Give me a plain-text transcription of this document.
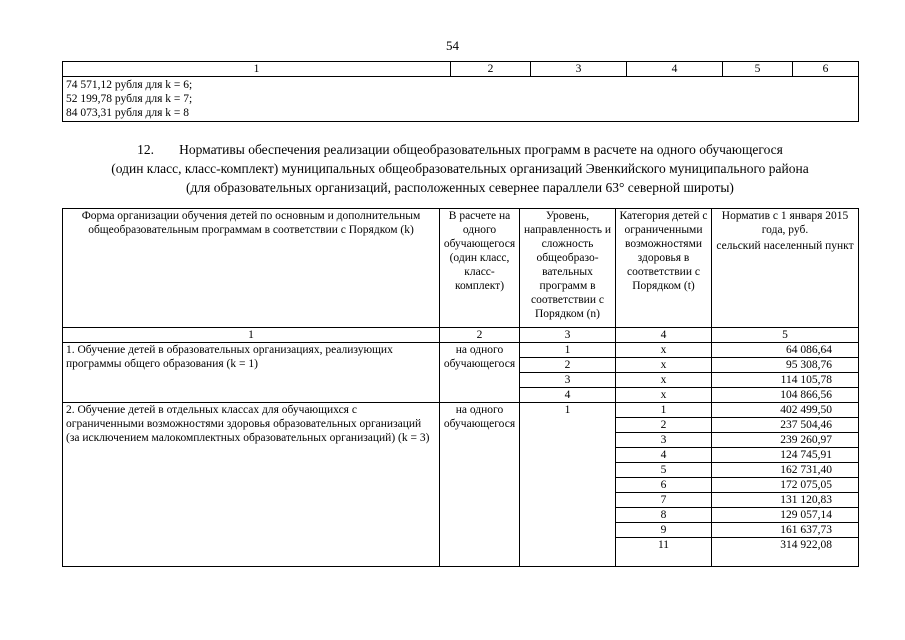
54
1	2	3	4	5	6

74 571,12 рубля для k = 6;
52 199,78 рубля для k = 7;
84 073,31 рубля для k = 8
12. Нормативы обеспечения реализации общеобразовательных программ в расчете на одного обучающегося
(один класс, класс-комплект) муниципальных общеобразовательных организаций Эвенкийского муниципального района
(для образовательных организаций, расположенных севернее параллели 63° северной широты)
Форма организации обучения детей по основным и дополнительным общеобразовательным программам в соответствии с Порядком (k)	В расчете на одного обучающегося (один класс, класс-комплект)	Уровень, направленность и сложность общеобразо-вательных программ в соответствии с Порядком (n)	Категория детей с ограниченными возможностями здоровья в соответствии с Порядком (t)	Норматив с 1 января 2015 года, руб.
сельский населенный пункт

1	2	3	4	5
1. Обучение детей в образовательных организациях, реализующих программы общего образования (k = 1)	на одного обучающегося	1	x	64 086,64
		2	x	95 308,76
		3	x	114 105,78
		4	x	104 866,56
2. Обучение детей в отдельных классах для обучающихся с ограниченными возможностями здоровья образовательных организаций (за исключением малокомплектных образовательных организаций) (k = 3)	на одного обучающегося	1	1	402 499,50
			2	237 504,46
			3	239 260,97
			4	124 745,91
			5	162 731,40
			6	172 075,05
			7	131 120,83
			8	129 057,14
			9	161 637,73
			11	314 922,08
